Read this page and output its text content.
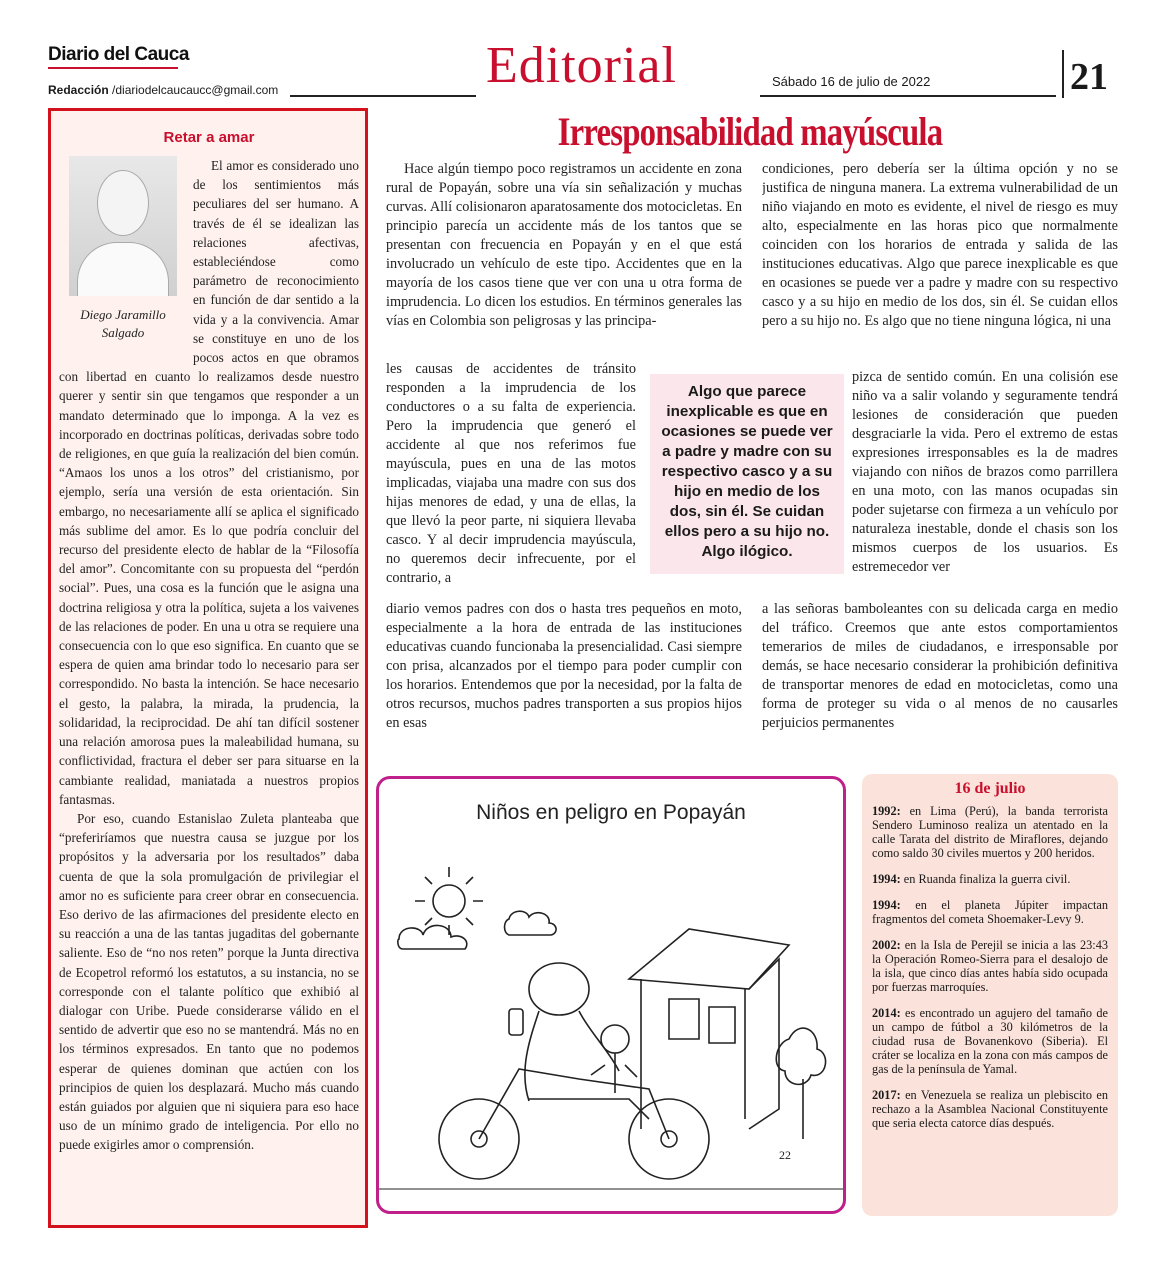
Diario del Cauca
Redacción /diariodelcaucaucc@gmail.com	Editorial	Sábado 16 de julio de 2022	21
Irresponsabilidad mayúscula
Retar a amar
Diego Jaramillo Salgado

El amor es considerado uno de los sentimientos más peculiares del ser humano. A través de él se idealizan las relaciones afectivas, estableciéndose como parámetro de reconocimiento en función de dar sentido a la vida y a la convivencia. Amar se constituye en uno de los pocos actos en que obramos con libertad en cuanto lo realizamos desde nuestro querer y sentir sin que tengamos que responder a un mandato determinado que lo imponga. A la vez es incorporado en doctrinas políticas, derivadas sobre todo de religiones, en que guía la realización del bien común. “Amaos los unos a los otros” del cristianismo, por ejemplo, sería una versión de esta orientación. Sin embargo, no necesariamente allí se aplica el significado más sublime del amor. Es lo que podría concluir del recurso del presidente electo de hablar de la “Filosofía del amor”. Concomitante con su propuesta del “perdón social”. Pues, una cosa es la función que le asigna una doctrina religiosa y otra la política, sujeta a los vaivenes de las relaciones de poder. En una u otra se requiere una consecuencia con lo que eso significa. En cuanto que se espera de quien ama brindar todo lo necesario para ser correspondido. No basta la intención. Se hace necesario el gesto, la palabra, la mirada, la prudencia, la solidaridad, la reciprocidad. De ahí tan difícil sostener una relación amorosa pues la maleabilidad humana, su conflictividad, fractura el deber ser para situarse en la cambiante realidad, maniatada a nuestros propios fantasmas.

Por eso, cuando Estanislao Zuleta planteaba que “preferiríamos que nuestra causa se juzgue por los propósitos y la adversaria por los resultados” daba cuenta de que la sola promulgación de privilegiar el amor no es suficiente para creer obrar en consecuencia. Eso derivo de las afirmaciones del presidente electo en su reacción a una de las tantas jugaditas del gobernante saliente. Eso de “no nos reten” porque la Junta directiva de Ecopetrol reformó los estatutos, a su instancia, no se corresponde con el talante político que exhibió al dialogar con Uribe. Puede considerarse válido en el sentido de advertir que eso no se mantendrá. Más no en los términos expresados. En tanto que no podemos esperar de quienes dominan que actúen con los principios de quien los desplazará. Mucho más cuando están guiados por alguien que ni siquiera para eso hace uso de un mínimo grado de inteligencia. Por ello no puede exigirles amor o comprensión.

Hace algún tiempo poco registramos un accidente en zona rural de Popayán, sobre una vía sin señalización y muchas curvas. Allí colisionaron aparatosamente dos motocicletas. En principio parecía un accidente más de los tantos que se presentan con frecuencia en Popayán y en el que está involucrado un vehículo de este tipo. Accidentes que en la mayoría de los casos tiene que ver con una u otra forma de imprudencia. Lo dicen los estudios. En términos generales las vías en Colombia son peligrosas y las principa-

les causas de accidentes de tránsito responden a la imprudencia de los conductores o a su falta de experiencia. Pero la imprudencia que generó el accidente al que nos referimos fue mayúscula, pues en una de las motos implicadas, viajaba una madre con sus dos hijas menores de edad, y una de ellas, la que llevó la peor parte, ni siquiera llevaba casco. Y al decir imprudencia mayúscula, no queremos decir infrecuente, por el contrario, a
diario vemos padres con dos o hasta tres pequeños en moto, especialmente a la hora de entrada de las instituciones educativas cuando funcionaba la presencialidad. Casi siempre con prisa, alcanzados por el tiempo para poder cumplir con los horarios. Entendemos que por la necesidad, por la falta de otros recursos, muchos padres transporten a sus propios hijos en esas
condiciones, pero debería ser la última opción y no se justifica de ninguna manera. La extrema vulnerabilidad de un niño viajando en moto es evidente, el nivel de riesgo es muy alto, especialmente en las horas pico que normalmente coinciden con los horarios de entrada y salida de las instituciones educativas. Algo que parece inexplicable es que en ocasiones se puede ver a padre y madre con su respectivo casco y a su hijo en medio de los dos, sin él. Se cuidan ellos pero a su hijo no. Es algo que no tiene ninguna lógica, ni una
pizca de sentido común. En una colisión ese niño va a salir volando y seguramente tendrá lesiones de consideración que pueden desgraciarle la vida. Pero el extremo de estas expresiones irresponsables es la de madres viajando con niños de brazos como parrillera en una moto, con las manos ocupadas sin poder sujetarse con firmeza a un vehículo por naturaleza inestable, donde el chasis son los mismos cuerpos de los usuarios. Es estremecedor ver
a las señoras bamboleantes con su delicada carga en medio del tráfico. Creemos que ante estos comportamientos temerarios de miles de ciudadanos, e irresponsable por demás, se hace necesario considerar la prohibición definitiva de transportar menores de edad en motocicletas, como una forma de proteger su vida o al menos de no causarles perjuicios permanentes
Algo que parece inexplicable es que en ocasiones se puede ver a padre y madre con su respectivo casco y a su hijo en medio de los dos, sin él. Se cuidan ellos pero a su hijo no. Algo ilógico.
Niños en peligro en Popayán
22
16 de julio
1992: en Lima (Perú), la banda terrorista Sendero Luminoso realiza un atentado en la calle Tarata del distrito de Miraflores, dejando como saldo 30 civiles muertos y 200 heridos.
1994: en Ruanda finaliza la guerra civil.
1994: en el planeta Júpiter impactan fragmentos del cometa Shoemaker-Levy 9.
2002: en la Isla de Perejil se inicia a las 23:43 la Operación Romeo-Sierra para el desalojo de la isla, que cinco días antes había sido ocupada por fuerzas marroquíes.
2014: es encontrado un agujero del tamaño de un campo de fútbol a 30 kilómetros de la ciudad rusa de Bovanenkovo (Siberia). El cráter se localiza en la zona con más campos de gas de la península de Yamal.
2017: en Venezuela se realiza un plebiscito en rechazo a la Asamblea Nacional Constituyente que seria electa catorce días después.
